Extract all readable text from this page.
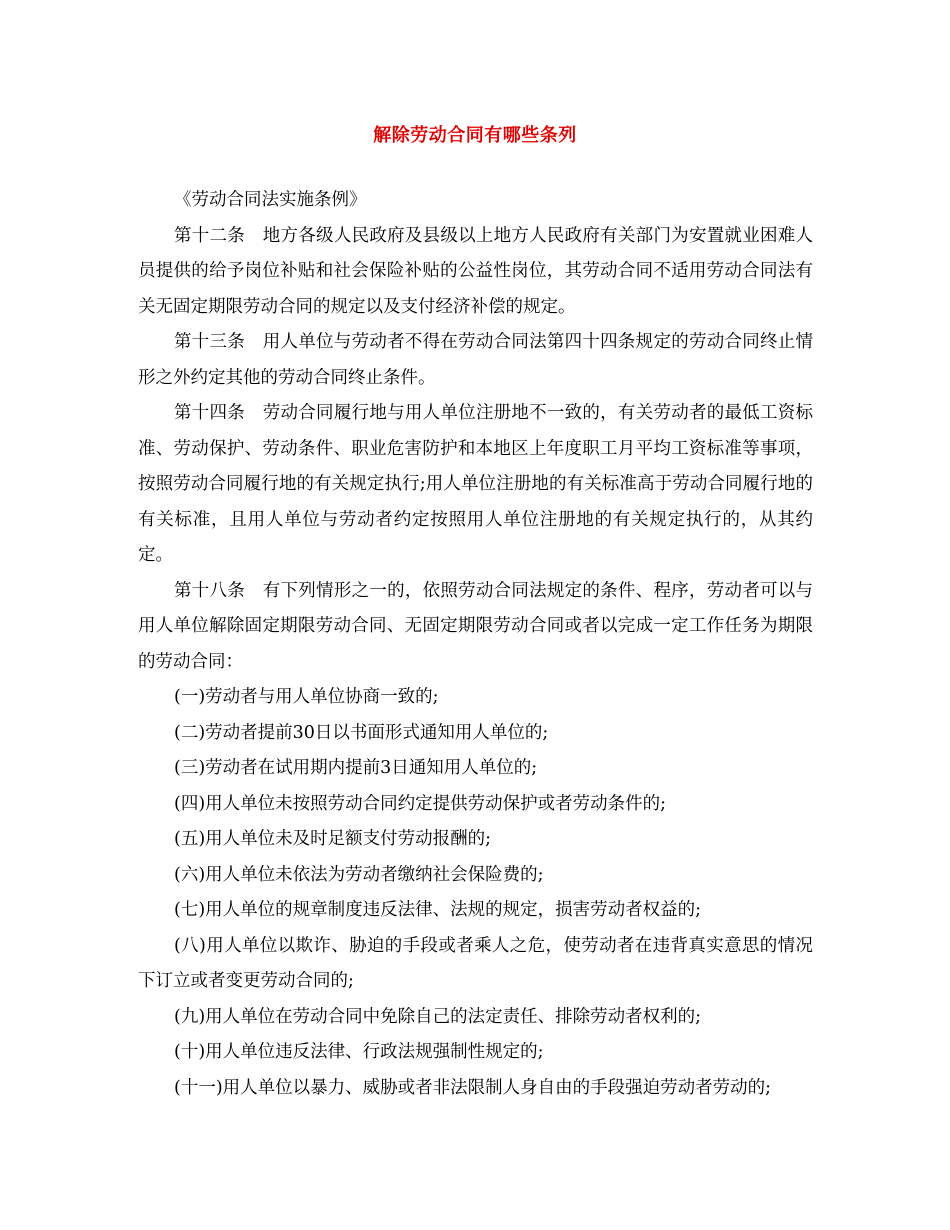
解除劳动合同有哪些条列

《劳动合同法实施条例》

第十二条　地方各级人民政府及县级以上地方人民政府有关部门为安置就业困难人员提供的给予岗位补贴和社会保险补贴的公益性岗位，其劳动合同不适用劳动合同法有关无固定期限劳动合同的规定以及支付经济补偿的规定。

第十三条　用人单位与劳动者不得在劳动合同法第四十四条规定的劳动合同终止情形之外约定其他的劳动合同终止条件。

第十四条　劳动合同履行地与用人单位注册地不一致的，有关劳动者的最低工资标准、劳动保护、劳动条件、职业危害防护和本地区上年度职工月平均工资标准等事项，按照劳动合同履行地的有关规定执行;用人单位注册地的有关标准高于劳动合同履行地的有关标准，且用人单位与劳动者约定按照用人单位注册地的有关规定执行的，从其约定。

第十八条　有下列情形之一的，依照劳动合同法规定的条件、程序，劳动者可以与用人单位解除固定期限劳动合同、无固定期限劳动合同或者以完成一定工作任务为期限的劳动合同：

(一)劳动者与用人单位协商一致的;

(二)劳动者提前30日以书面形式通知用人单位的;

(三)劳动者在试用期内提前3日通知用人单位的;

(四)用人单位未按照劳动合同约定提供劳动保护或者劳动条件的;

(五)用人单位未及时足额支付劳动报酬的;

(六)用人单位未依法为劳动者缴纳社会保险费的;

(七)用人单位的规章制度违反法律、法规的规定，损害劳动者权益的;

(八)用人单位以欺诈、胁迫的手段或者乘人之危，使劳动者在违背真实意思的情况下订立或者变更劳动合同的;

(九)用人单位在劳动合同中免除自己的法定责任、排除劳动者权利的;

(十)用人单位违反法律、行政法规强制性规定的;

(十一)用人单位以暴力、威胁或者非法限制人身自由的手段强迫劳动者劳动的;
